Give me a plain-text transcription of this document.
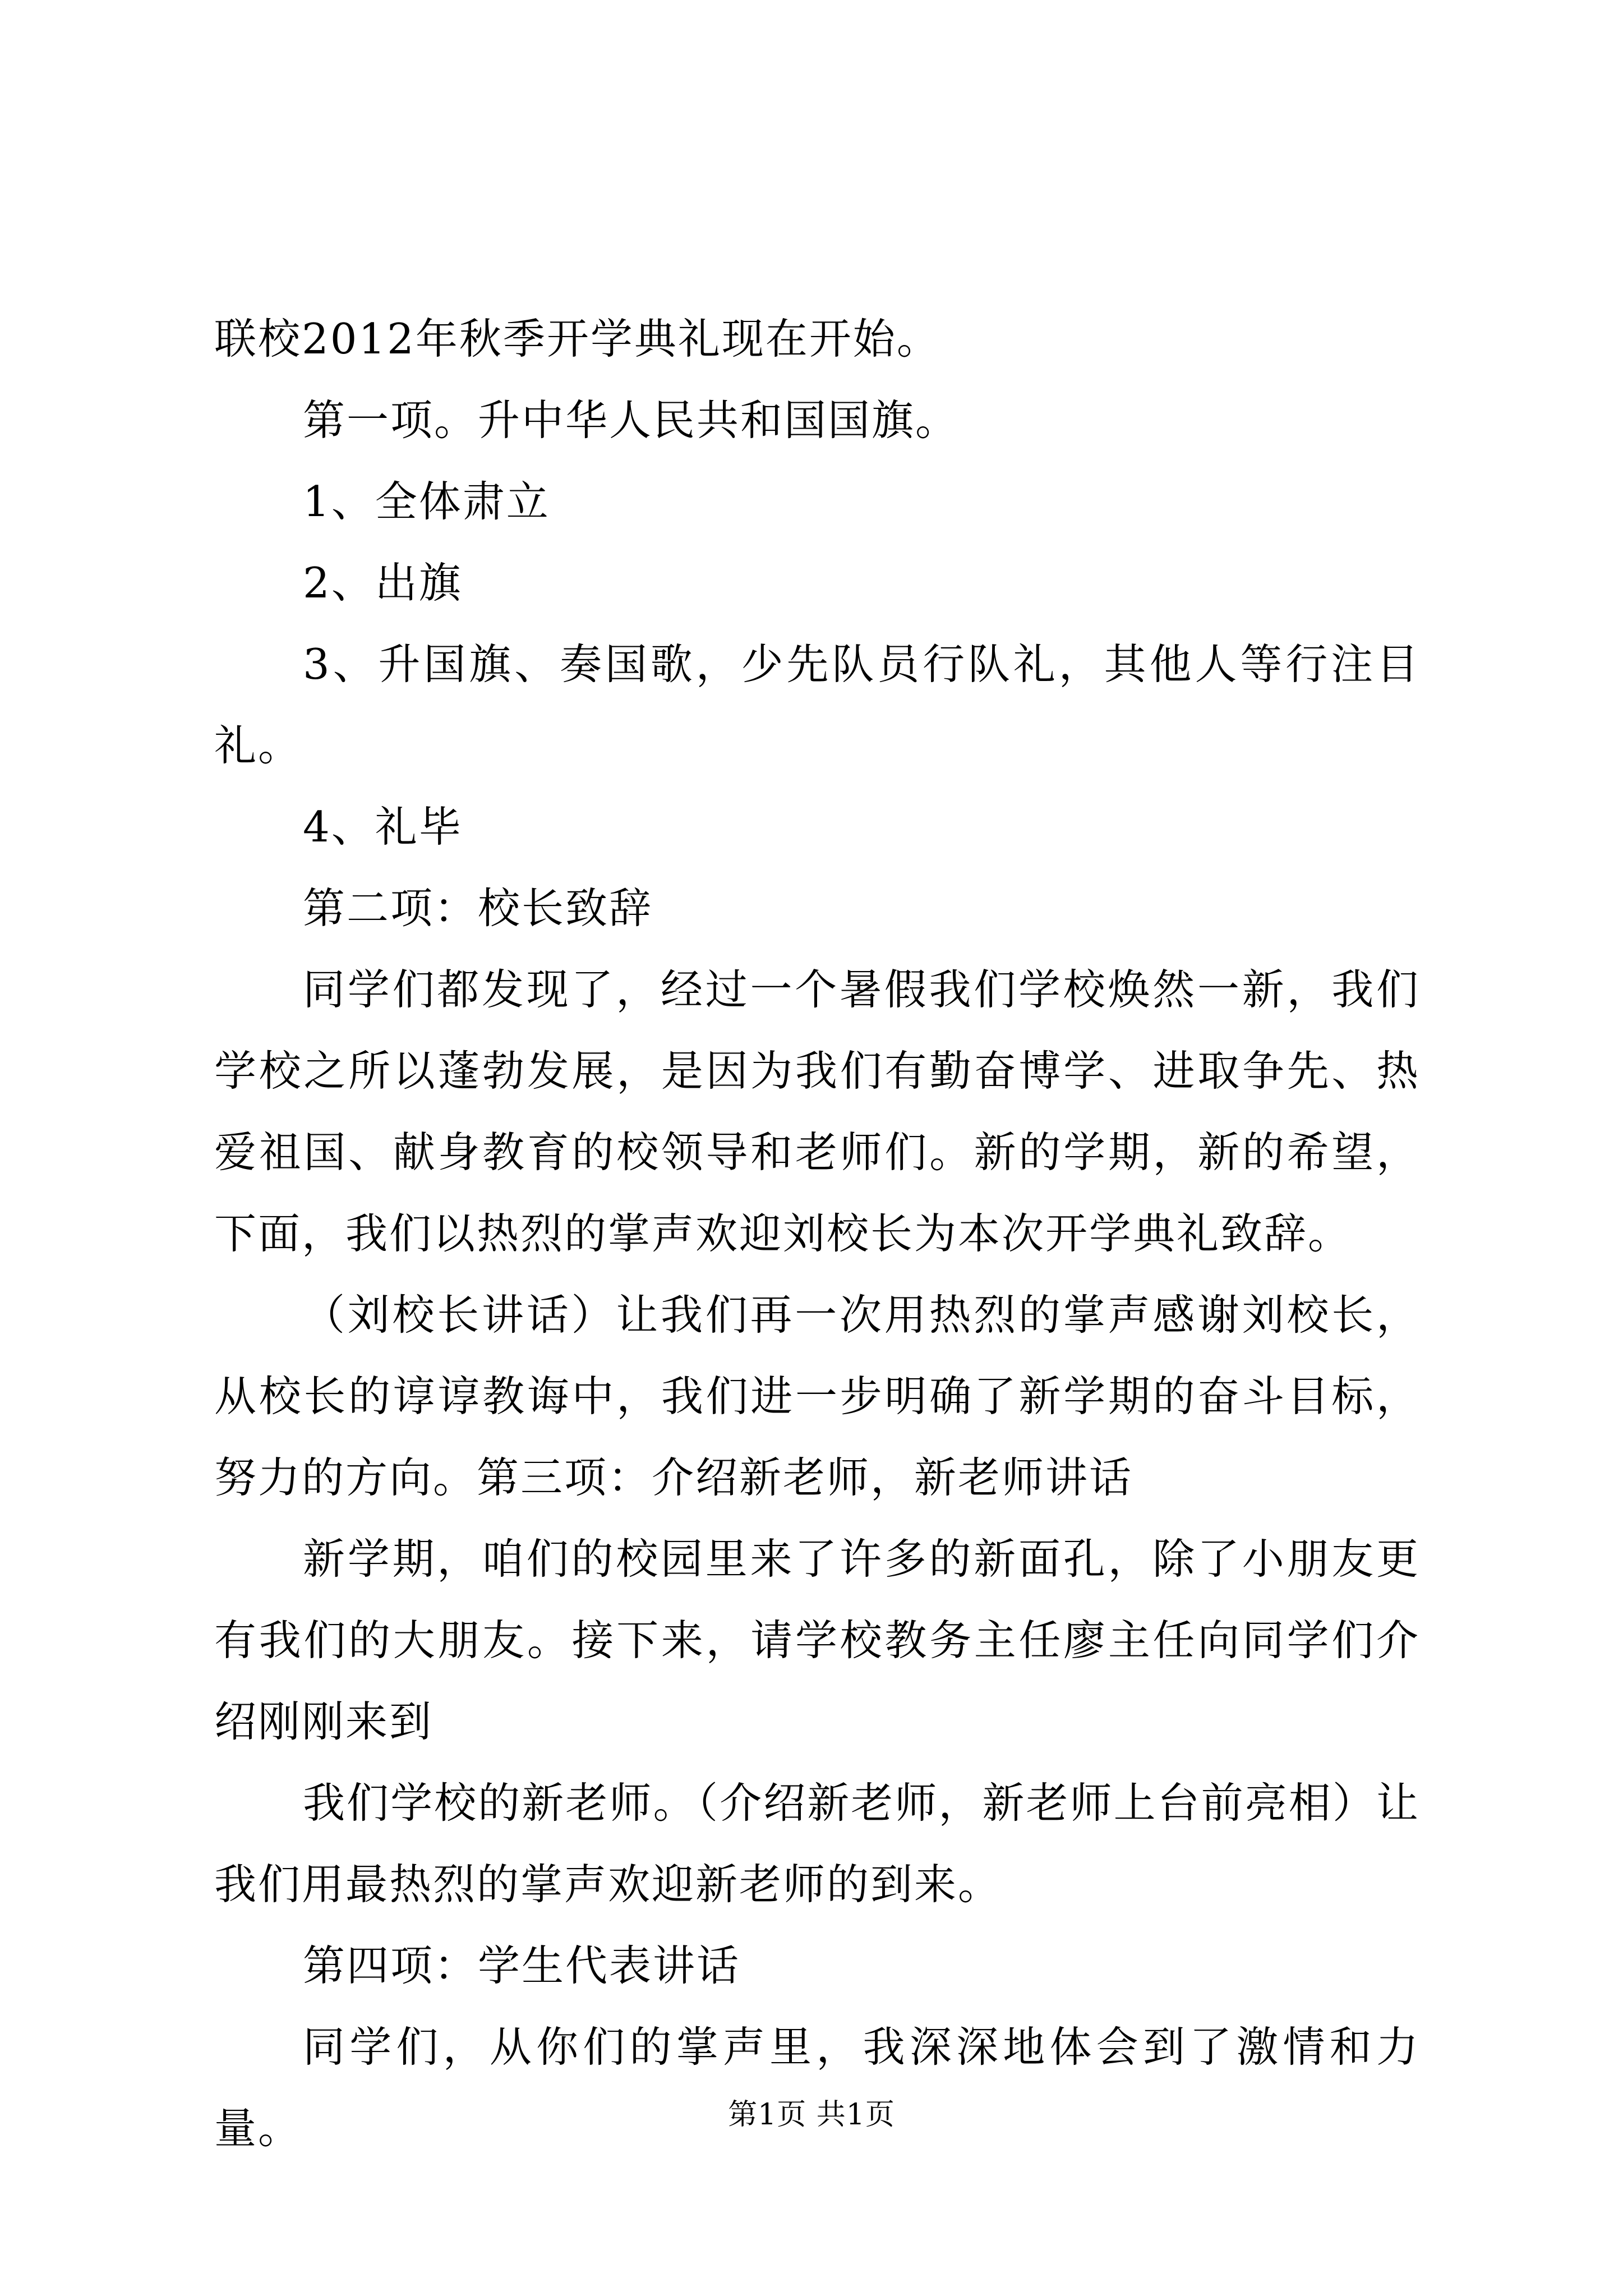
联校2012年秋季开学典礼现在开始。

第一项。升中华人民共和国国旗。

1、全体肃立

2、出旗

3、升国旗、奏国歌，少先队员行队礼，其他人等行注目礼。

4、礼毕

第二项：校长致辞

同学们都发现了，经过一个暑假我们学校焕然一新，我们学校之所以蓬勃发展，是因为我们有勤奋博学、进取争先、热爱祖国、献身教育的校领导和老师们。新的学期，新的希望，下面，我们以热烈的掌声欢迎刘校长为本次开学典礼致辞。

（刘校长讲话）让我们再一次用热烈的掌声感谢刘校长，从校长的谆谆教诲中，我们进一步明确了新学期的奋斗目标，努力的方向。第三项：介绍新老师，新老师讲话

新学期，咱们的校园里来了许多的新面孔，除了小朋友更有我们的大朋友。接下来，请学校教务主任廖主任向同学们介绍刚刚来到

我们学校的新老师。（介绍新老师，新老师上台前亮相）让我们用最热烈的掌声欢迎新老师的到来。

第四项：学生代表讲话

同学们，从你们的掌声里，我深深地体会到了激情和力量。	第1页 共1页
